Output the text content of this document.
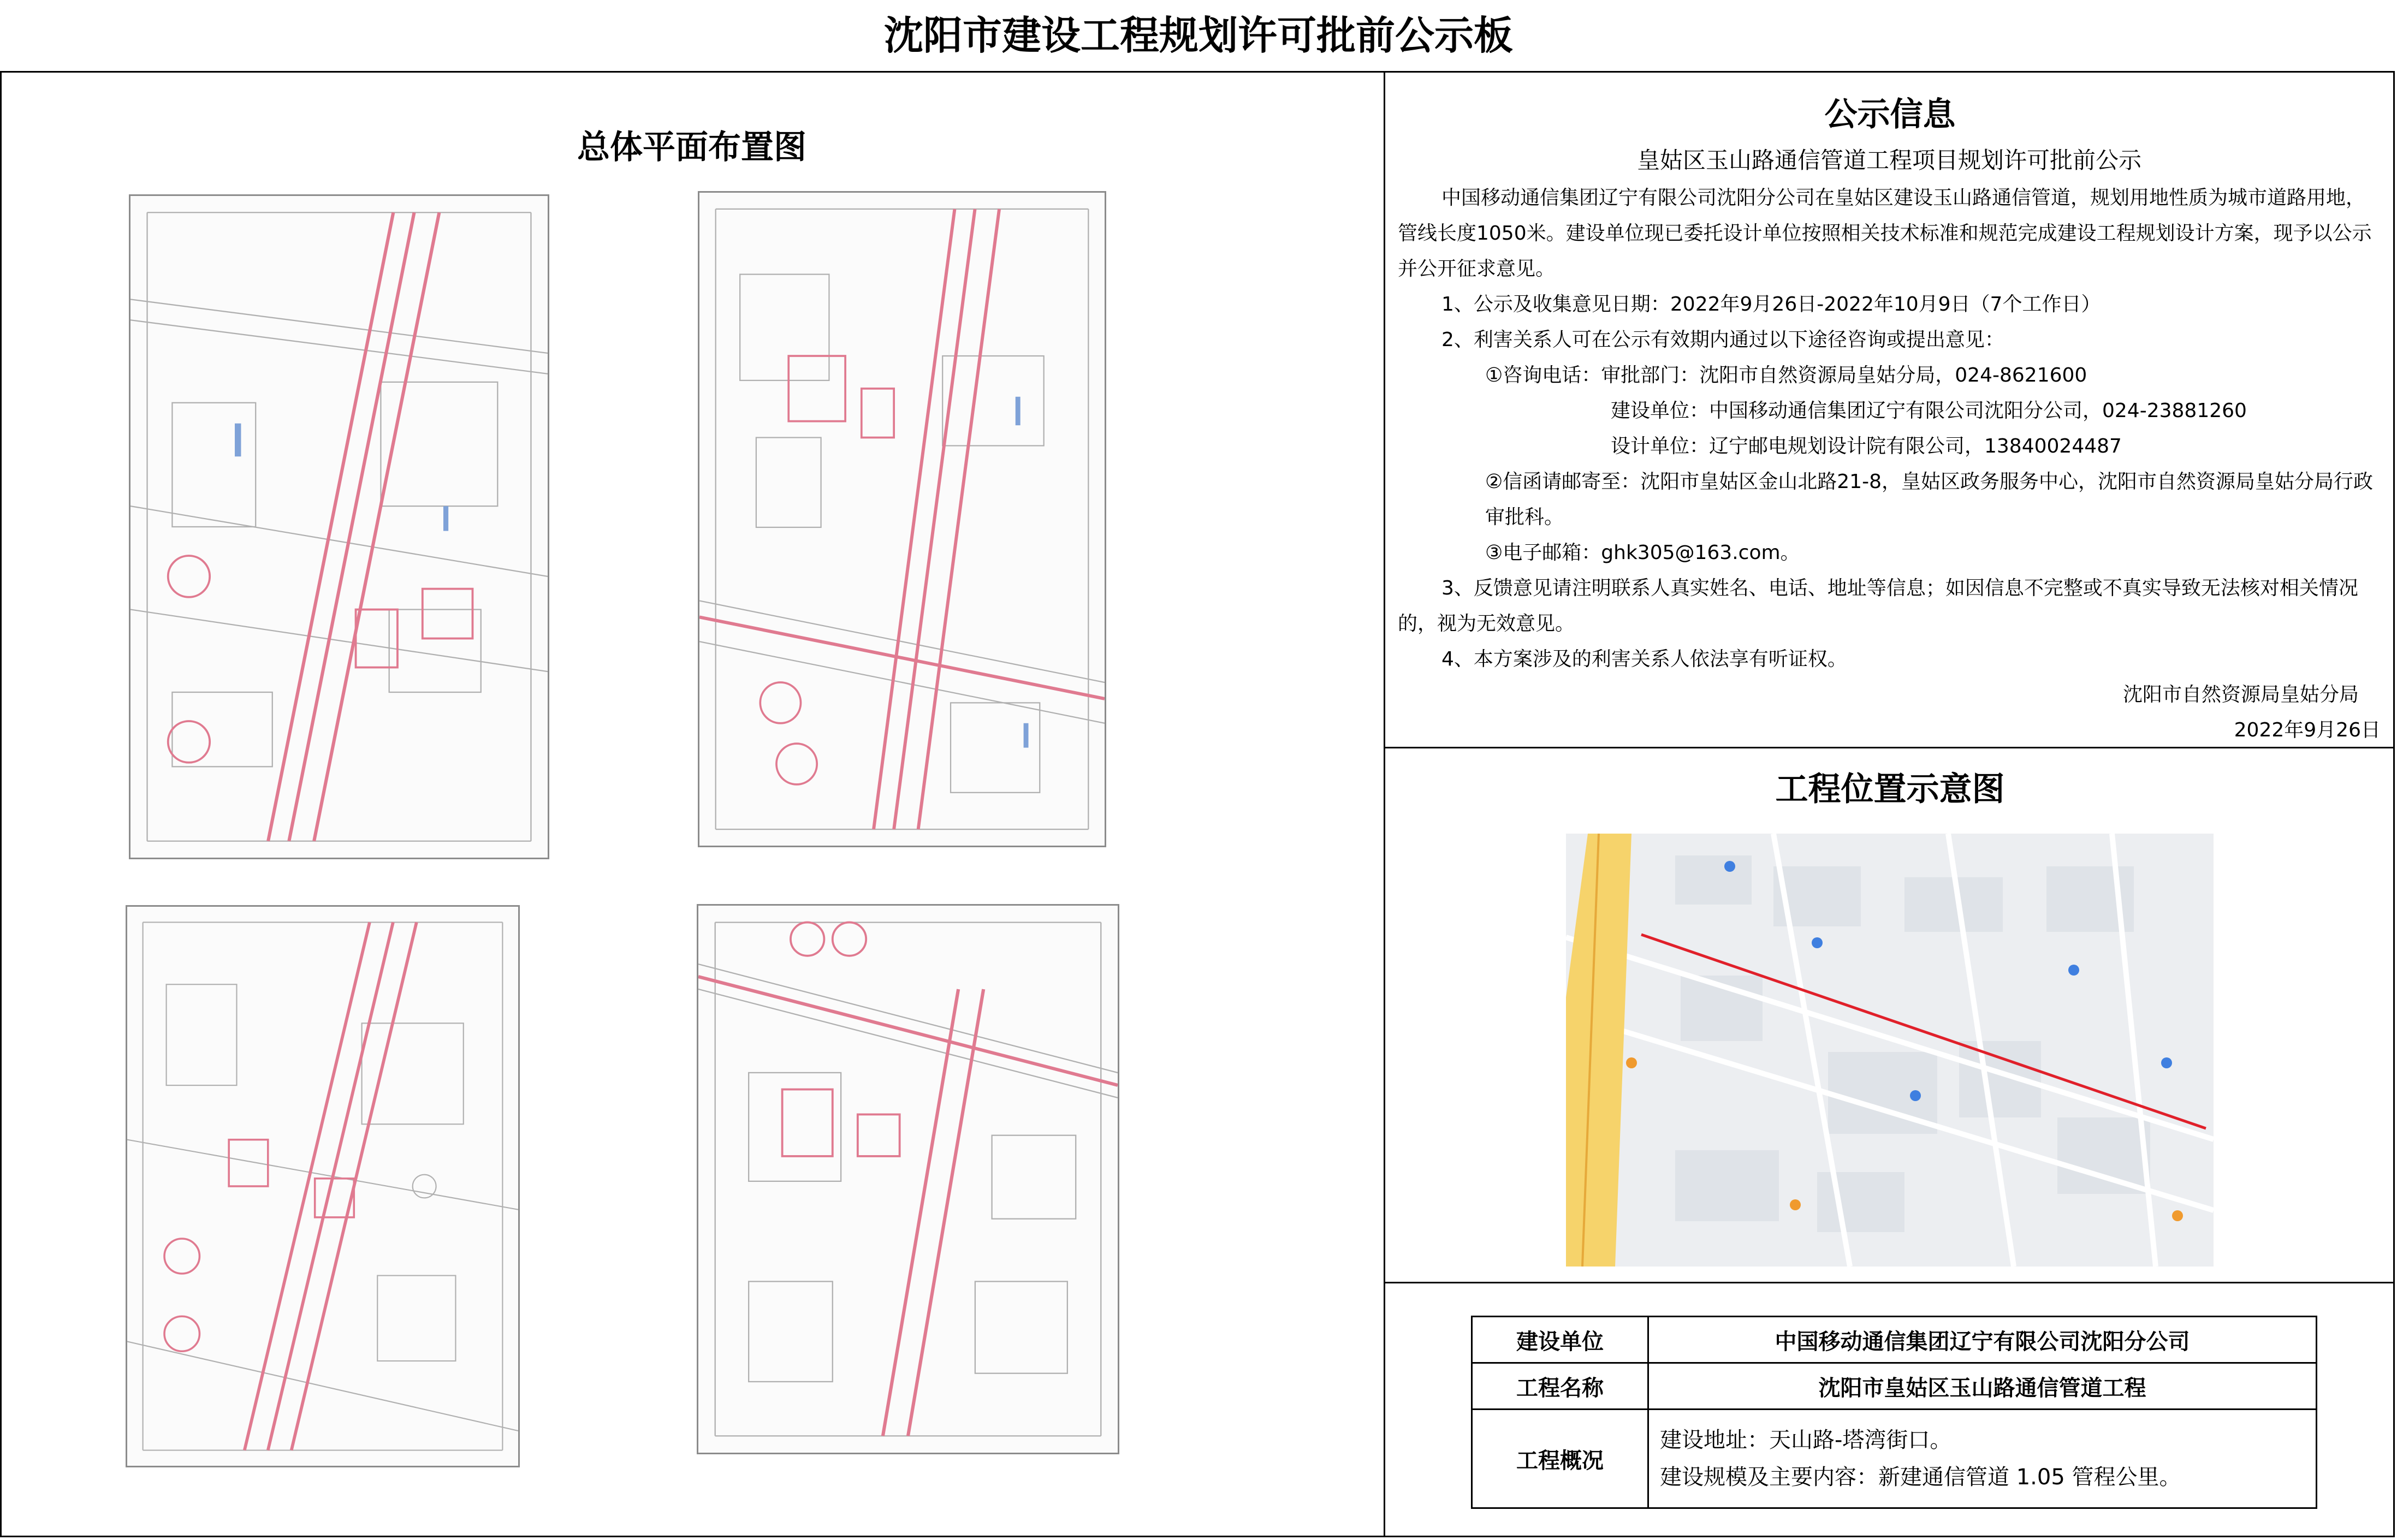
沈阳市建设工程规划许可批前公示板
总体平面布置图
公示信息
皇姑区玉山路通信管道工程项目规划许可批前公示

中国移动通信集团辽宁有限公司沈阳分公司在皇姑区建设玉山路通信管道，规划用地性质为城市道路用地，管线长度1050米。建设单位现已委托设计单位按照相关技术标准和规范完成建设工程规划设计方案，现予以公示并公开征求意见。

1、公示及收集意见日期：2022年9月26日-2022年10月9日（7个工作日）

2、利害关系人可在公示有效期内通过以下途径咨询或提出意见：

①咨询电话：审批部门：沈阳市自然资源局皇姑分局，024-8621600

建设单位：中国移动通信集团辽宁有限公司沈阳分公司，024-23881260

设计单位：辽宁邮电规划设计院有限公司，13840024487

②信函请邮寄至：沈阳市皇姑区金山北路21-8，皇姑区政务服务中心，沈阳市自然资源局皇姑分局行政审批科。

③电子邮箱：ghk305@163.com。

3、反馈意见请注明联系人真实姓名、电话、地址等信息；如因信息不完整或不真实导致无法核对相关情况的，视为无效意见。

4、本方案涉及的利害关系人依法享有听证权。

沈阳市自然资源局皇姑分局

2022年9月26日

工程位置示意图
建设单位	中国移动通信集团辽宁有限公司沈阳分公司
工程名称	沈阳市皇姑区玉山路通信管道工程
工程概况	建设地址：天山路-塔湾街口。
建设规模及主要内容：新建通信管道 1.05 管程公里。
